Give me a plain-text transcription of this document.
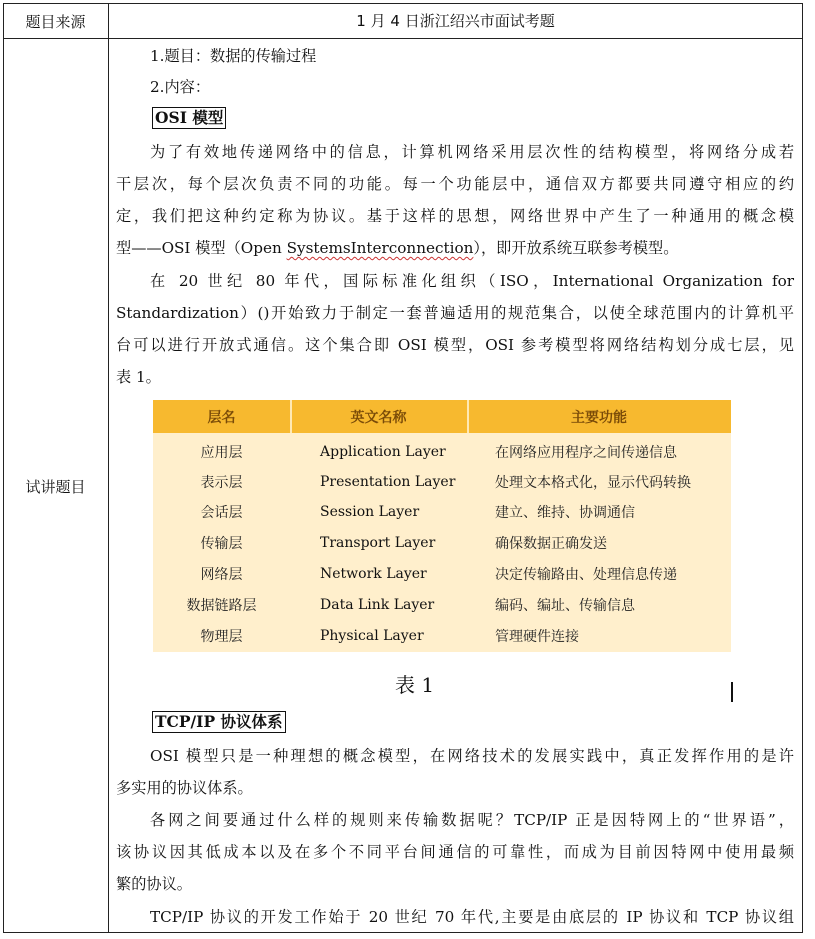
题目来源	1 月 4 日浙江绍兴市面试考题
试讲题目
1.题目：数据的传输过程
2.内容：
OSI 模型
为了有效地传递网络中的信息，计算机网络采用层次性的结构模型，将网络分成若
干层次，每个层次负责不同的功能。每一个功能层中，通信双方都要共同遵守相应的约
定，我们把这种约定称为协议。基于这样的思想，网络世界中产生了一种通用的概念模
型——OSI 模型（Open SystemsInterconnection），即开放系统互联参考模型。
在 20 世纪 80 年代，国际标准化组织（ISO，International Organization for
Standardization）()开始致力于制定一套普遍适用的规范集合，以使全球范围内的计算机平
台可以进行开放式通信。这个集合即 OSI 模型，OSI 参考模型将网络结构划分成七层，见
表 1。
TCP/IP 协议体系
OSI 模型只是一种理想的概念模型，在网络技术的发展实践中，真正发挥作用的是许
多实用的协议体系。
各网之间要通过什么样的规则来传输数据呢？TCP/IP 正是因特网上的“世界语”，
该协议因其低成本以及在多个不同平台间通信的可靠性，而成为目前因特网中使用最频
繁的协议。
TCP/IP 协议的开发工作始于 20 世纪 70 年代,主要是由底层的 IP 协议和 TCP 协议组
层名	英文名称	主要功能
应用层	Application Layer	在网络应用程序之间传递信息
表示层	Presentation Layer	处理文本格式化，显示代码转换
会话层	Session Layer	建立、维持、协调通信
传输层	Transport Layer	确保数据正确发送
网络层	Network Layer	决定传输路由、处理信息传递
数据链路层	Data Link Layer	编码、编址、传输信息
物理层	Physical Layer	管理硬件连接
表 1
